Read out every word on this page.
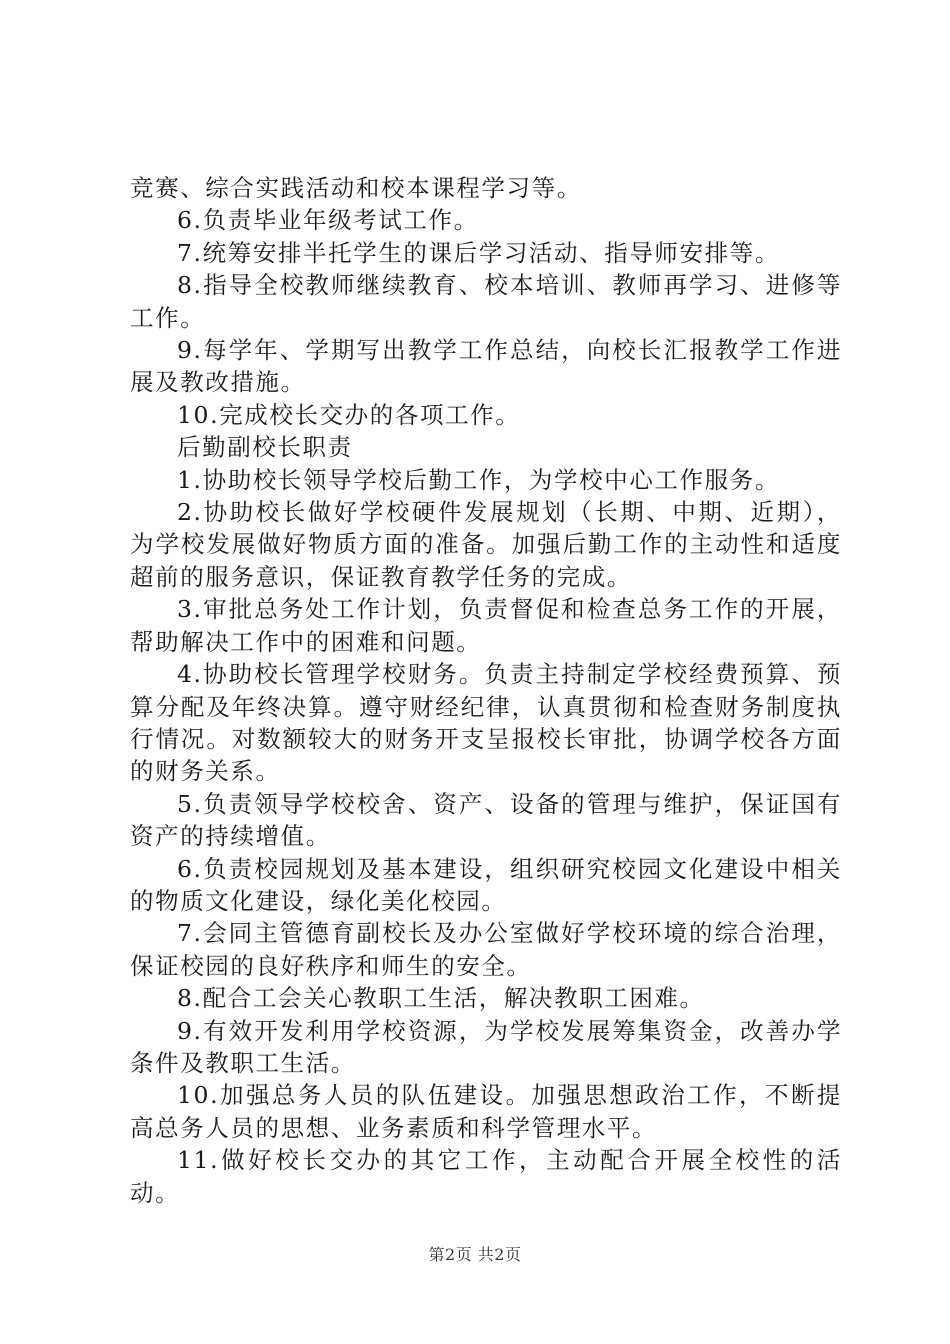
竞赛、综合实践活动和校本课程学习等。

6.负责毕业年级考试工作。

7.统筹安排半托学生的课后学习活动、指导师安排等。

8.指导全校教师继续教育、校本培训、教师再学习、进修等工作。

9.每学年、学期写出教学工作总结，向校长汇报教学工作进展及教改措施。

10.完成校长交办的各项工作。

后勤副校长职责

1.协助校长领导学校后勤工作，为学校中心工作服务。

2.协助校长做好学校硬件发展规划（长期、中期、近期），为学校发展做好物质方面的准备。加强后勤工作的主动性和适度超前的服务意识，保证教育教学任务的完成。

3.审批总务处工作计划，负责督促和检查总务工作的开展，帮助解决工作中的困难和问题。

4.协助校长管理学校财务。负责主持制定学校经费预算、预算分配及年终决算。遵守财经纪律，认真贯彻和检查财务制度执行情况。对数额较大的财务开支呈报校长审批，协调学校各方面的财务关系。

5.负责领导学校校舍、资产、设备的管理与维护，保证国有资产的持续增值。

6.负责校园规划及基本建设，组织研究校园文化建设中相关的物质文化建设，绿化美化校园。

7.会同主管德育副校长及办公室做好学校环境的综合治理，保证校园的良好秩序和师生的安全。

8.配合工会关心教职工生活，解决教职工困难。

9.有效开发利用学校资源，为学校发展筹集资金，改善办学条件及教职工生活。

10.加强总务人员的队伍建设。加强思想政治工作，不断提高总务人员的思想、业务素质和科学管理水平。

11.做好校长交办的其它工作，主动配合开展全校性的活动。

第2页 共2页
